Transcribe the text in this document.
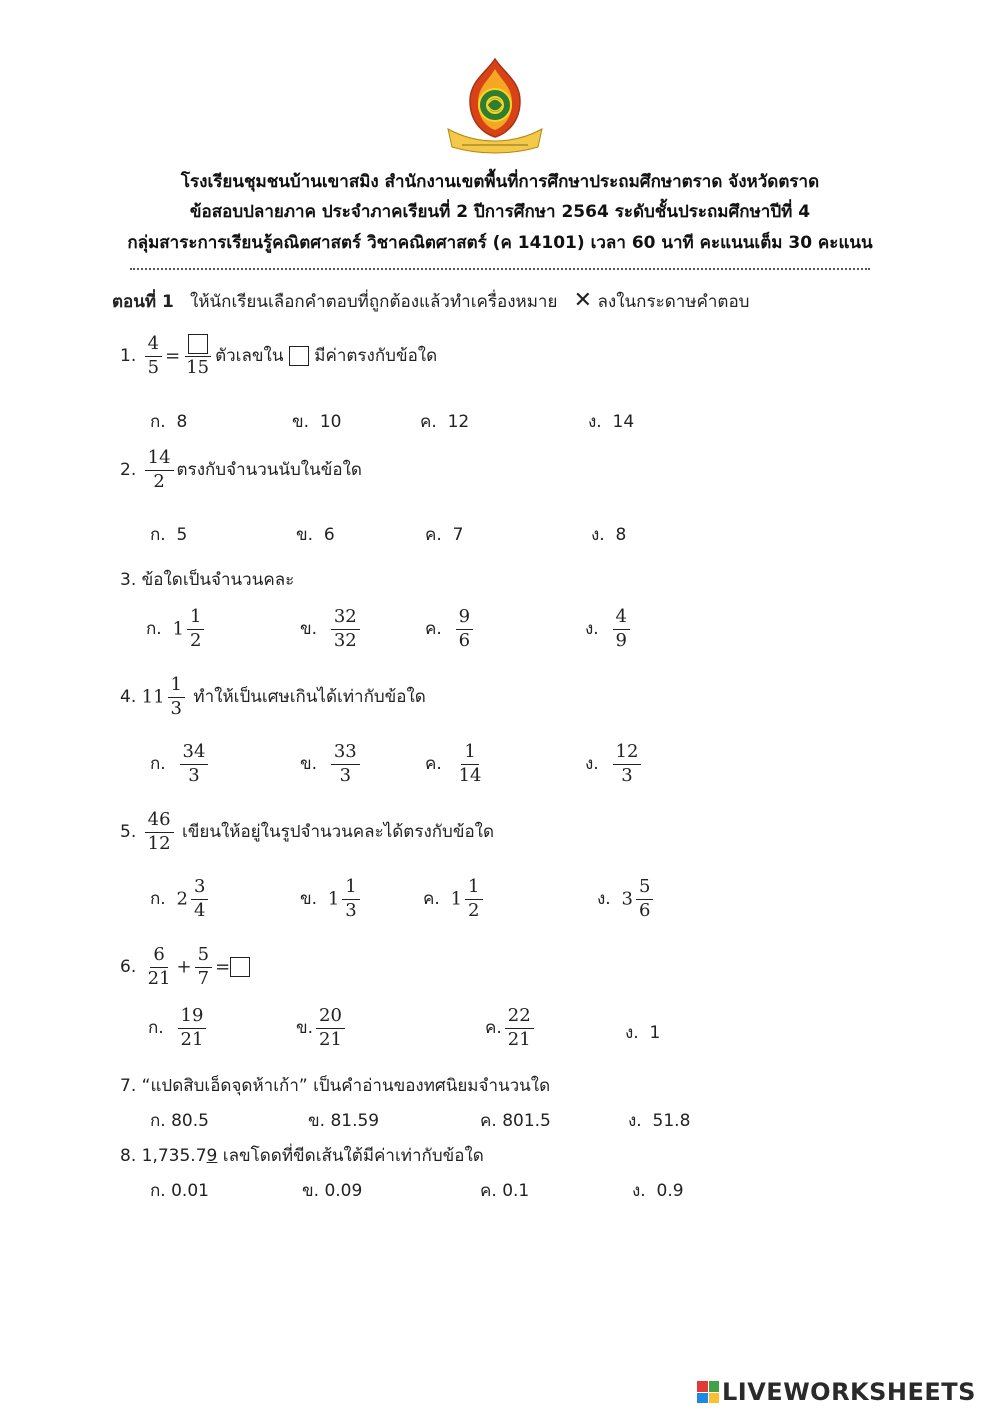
โรงเรียนชุมชนบ้านเขาสมิง สำนักงานเขตพื้นที่การศึกษาประถมศึกษาตราด จังหวัดตราด
ข้อสอบปลายภาค ประจำภาคเรียนที่ 2 ปีการศึกษา 2564 ระดับชั้นประถมศึกษาปีที่ 4
กลุ่มสาระการเรียนรู้คณิตศาสตร์ วิชาคณิตศาสตร์ (ค 14101) เวลา 60 นาที คะแนนเต็ม 30 คะแนน
ตอนที่ 1 ให้นักเรียนเลือกคำตอบที่ถูกต้องแล้วทำเครื่องหมาย ✕ ลงในกระดาษคำตอบ
1. $\frac{4}{5}$ =
15
ตัวเลขใน มีค่าตรงกับข้อใด
ก. 8	ข. 10	ค. 12	ง. 14
2. $\frac{14}{2}$ ตรงกับจำนวนนับในข้อใด
ก. 5	ข. 6	ค. 7	ง. 8
3. ข้อใดเป็นจำนวนคละ
ก. $1 \frac{1}{2}$	ข. $\frac{32}{32}$	ค. $\frac{9}{6}$	ง. $\frac{4}{9}$
4. $11 \frac{1}{3}$ ทำให้เป็นเศษเกินได้เท่ากับข้อใด
ก. $\frac{34}{3}$	ข. $\frac{33}{3}$	ค. $\frac{1}{14}$	ง. $\frac{12}{3}$
5. $\frac{46}{12}$ เขียนให้อยู่ในรูปจำนวนคละได้ตรงกับข้อใด
ก. $2 \frac{3}{4}$	ข. $1 \frac{1}{3}$	ค. $1 \frac{1}{2}$	ง. $3 \frac{5}{6}$
6. $\frac{6}{21} + \frac{5}{7}$ =
ก. $\frac{19}{21}$	ข. $\frac{20}{21}$	ค. $\frac{22}{21}$	ง. 1
7. “แปดสิบเอ็ดจุดห้าเก้า” เป็นคำอ่านของทศนิยมจำนวนใด
ก. 80.5	ข. 81.59	ค. 801.5	ง. 51.8
8. 1,735.79 เลขโดดที่ขีดเส้นใต้มีค่าเท่ากับข้อใด
ก. 0.01	ข. 0.09	ค. 0.1	ง. 0.9
LIVEWORKSHEETS
